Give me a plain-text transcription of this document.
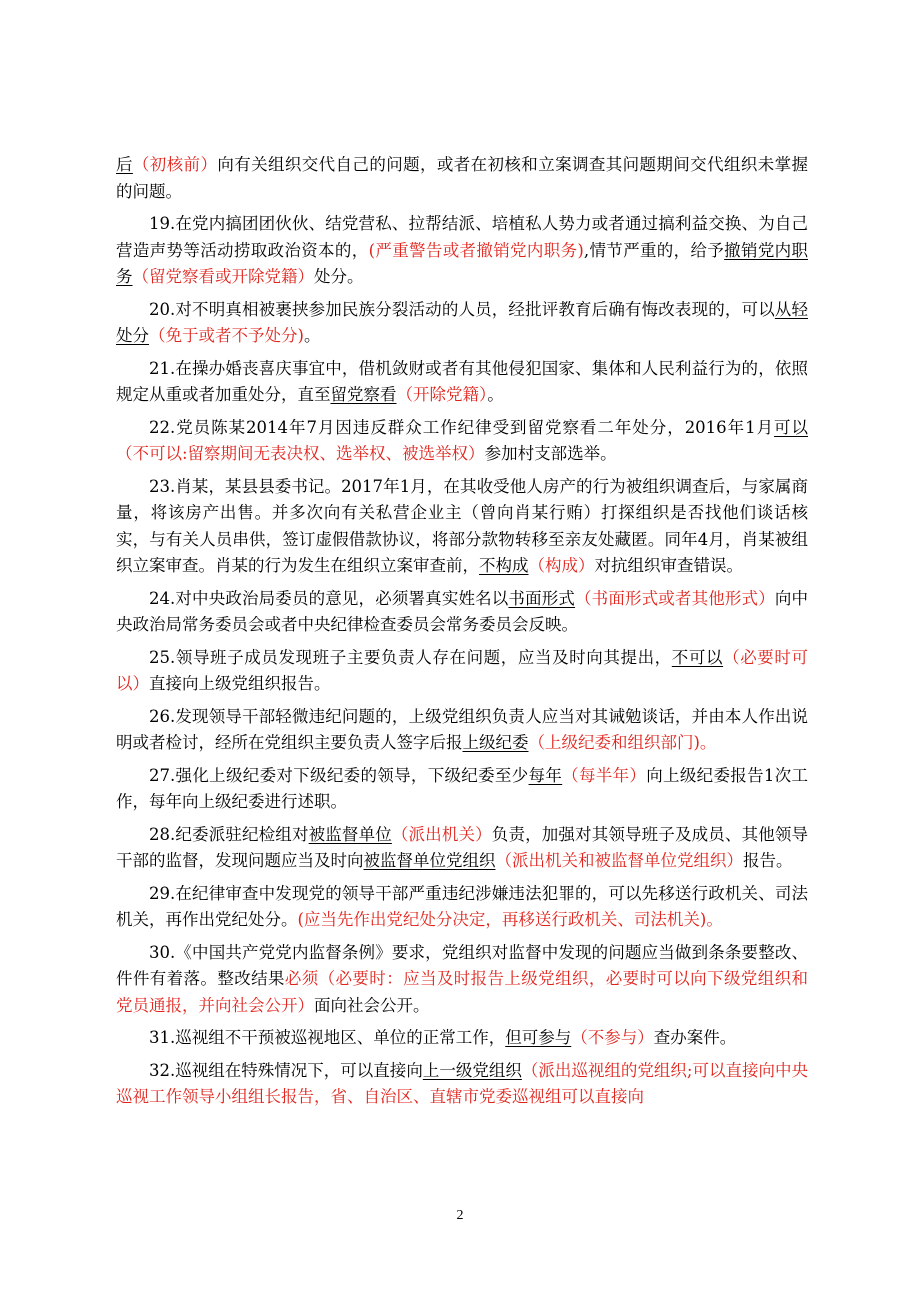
后（初核前）向有关组织交代自己的问题，或者在初核和立案调查其问题期间交代组织未掌握的问题。

19.在党内搞团团伙伙、结党营私、拉帮结派、培植私人势力或者通过搞利益交换、为自己营造声势等活动捞取政治资本的，(严重警告或者撤销党内职务),情节严重的，给予撤销党内职务（留党察看或开除党籍）处分。

20.对不明真相被裹挟参加民族分裂活动的人员，经批评教育后确有悔改表现的，可以从轻处分（免于或者不予处分)。

21.在操办婚丧喜庆事宜中，借机敛财或者有其他侵犯国家、集体和人民利益行为的，依照规定从重或者加重处分，直至留党察看（开除党籍）。

22.党员陈某2014年7月因违反群众工作纪律受到留党察看二年处分，2016年1月可以（不可以:留察期间无表决权、选举权、被选举权）参加村支部选举。

23.肖某，某县县委书记。2017年1月，在其收受他人房产的行为被组织调查后，与家属商量，将该房产出售。并多次向有关私营企业主（曾向肖某行贿）打探组织是否找他们谈话核实，与有关人员串供，签订虚假借款协议，将部分款物转移至亲友处藏匿。同年4月，肖某被组织立案审查。肖某的行为发生在组织立案审查前，不构成（构成）对抗组织审查错误。

24.对中央政治局委员的意见，必须署真实姓名以书面形式（书面形式或者其他形式）向中央政治局常务委员会或者中央纪律检查委员会常务委员会反映。

25.领导班子成员发现班子主要负责人存在问题，应当及时向其提出，不可以（必要时可以）直接向上级党组织报告。

26.发现领导干部轻微违纪问题的，上级党组织负责人应当对其诫勉谈话，并由本人作出说明或者检讨，经所在党组织主要负责人签字后报上级纪委（上级纪委和组织部门)。

27.强化上级纪委对下级纪委的领导，下级纪委至少每年（每半年）向上级纪委报告1次工作，每年向上级纪委进行述职。

28.纪委派驻纪检组对被监督单位（派出机关）负责，加强对其领导班子及成员、其他领导干部的监督，发现问题应当及时向被监督单位党组织（派出机关和被监督单位党组织）报告。

29.在纪律审查中发现党的领导干部严重违纪涉嫌违法犯罪的，可以先移送行政机关、司法机关，再作出党纪处分。(应当先作出党纪处分决定，再移送行政机关、司法机关)。

30.《中国共产党党内监督条例》要求，党组织对监督中发现的问题应当做到条条要整改、件件有着落。整改结果必须（必要时：应当及时报告上级党组织，必要时可以向下级党组织和党员通报，并向社会公开）面向社会公开。

31.巡视组不干预被巡视地区、单位的正常工作，但可参与（不参与）查办案件。

32.巡视组在特殊情况下，可以直接向上一级党组织（派出巡视组的党组织;可以直接向中央巡视工作领导小组组长报告，省、自治区、直辖市党委巡视组可以直接向

2
